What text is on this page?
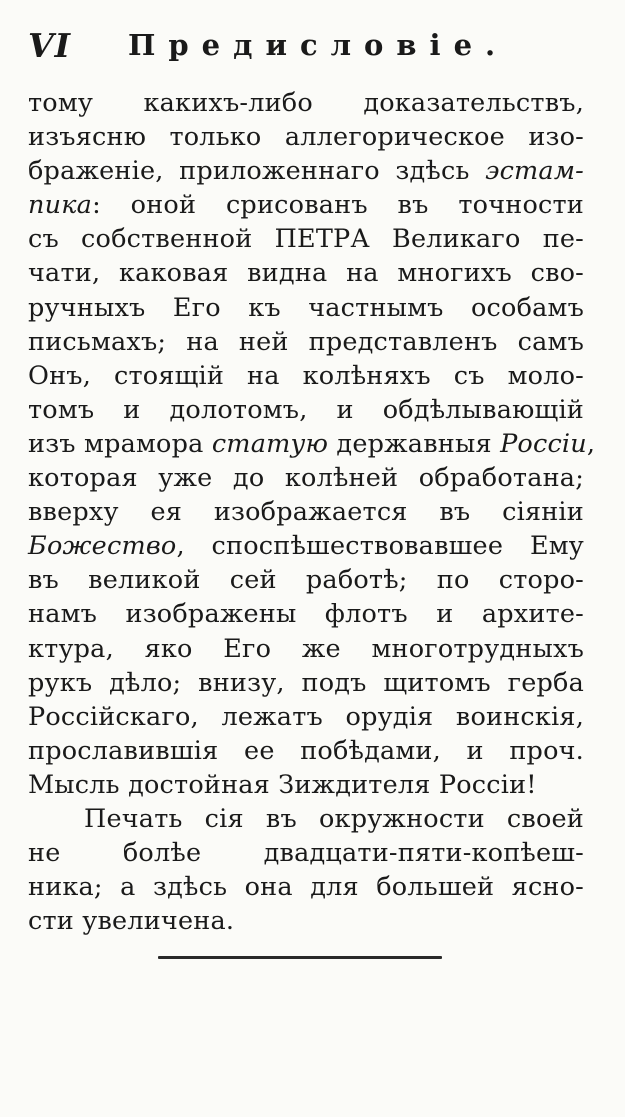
VI Предисловіе.
тому какихъ-либо доказательствъ,
изъясню только аллегорическое изо-
браженіе, приложеннаго здѣсь эстам-
пика: оной срисованъ въ точности
съ собственной ПЕТРА Великаго пе-
чати, каковая видна на многихъ сво-
ручныхъ Его къ частнымъ особамъ
письмахъ; на ней представленъ самъ
Онъ, стоящій на колѣняхъ съ моло-
томъ и долотомъ, и обдѣлывающій
изъ мрамора статую державныя Россіи,
которая уже до колѣней обработана;
вверху ея изображается въ сіяніи
Божество, споспѣшествовавшее Ему
въ великой сей работѣ; по сторо-
намъ изображены флотъ и архите-
ктура, яко Его же многотрудныхъ
рукъ дѣло; внизу, подъ щитомъ герба
Россійскаго, лежатъ орудія воинскія,
прославившія ее побѣдами, и проч.
Мысль достойная Зиждителя Россіи!
Печать сія въ окружности своей
не болѣе двадцати-пяти-копѣеш-
ника; а здѣсь она для большей ясно-
сти увеличена.
